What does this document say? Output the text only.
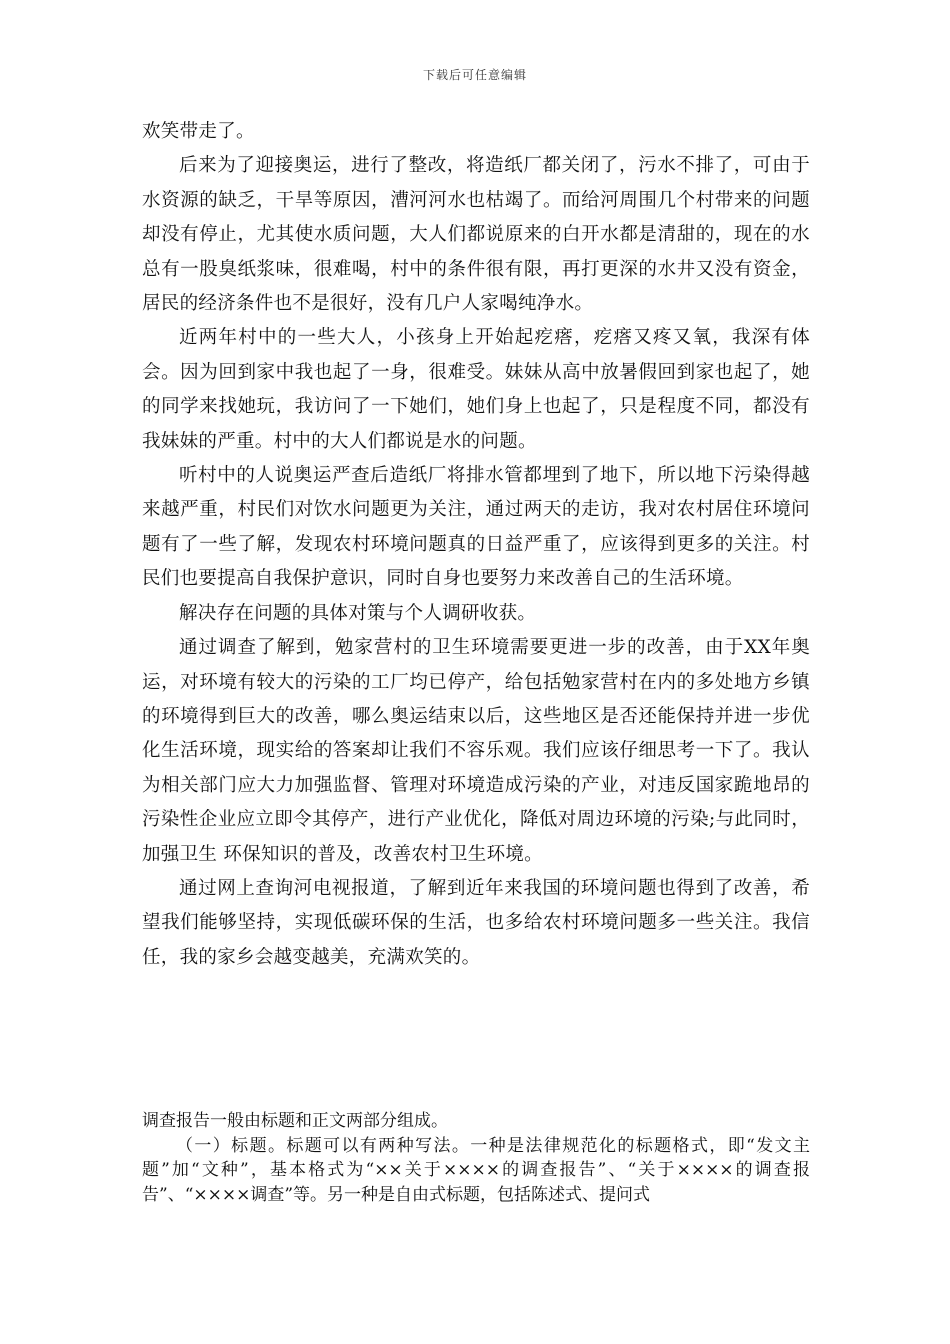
下载后可任意编辑

欢笑带走了。

后来为了迎接奥运，进行了整改，将造纸厂都关闭了，污水不排了，可由于水资源的缺乏，干旱等原因，漕河河水也枯竭了。而给河周围几个村带来的问题却没有停止，尤其使水质问题，大人们都说原来的白开水都是清甜的，现在的水总有一股臭纸浆味，很难喝，村中的条件很有限，再打更深的水井又没有资金，居民的经济条件也不是很好，没有几户人家喝纯净水。

近两年村中的一些大人，小孩身上开始起疙瘩，疙瘩又疼又氧，我深有体会。因为回到家中我也起了一身，很难受。妹妹从高中放暑假回到家也起了，她的同学来找她玩，我访问了一下她们，她们身上也起了，只是程度不同，都没有我妹妹的严重。村中的大人们都说是水的问题。

听村中的人说奥运严查后造纸厂将排水管都埋到了地下，所以地下污染得越来越严重，村民们对饮水问题更为关注，通过两天的走访，我对农村居住环境问题有了一些了解，发现农村环境问题真的日益严重了，应该得到更多的关注。村民们也要提高自我保护意识，同时自身也要努力来改善自己的生活环境。

解决存在问题的具体对策与个人调研收获。

通过调查了解到，勉家营村的卫生环境需要更进一步的改善，由于XX年奥运，对环境有较大的污染的工厂均已停产，给包括勉家营村在内的多处地方乡镇的环境得到巨大的改善，哪么奥运结束以后，这些地区是否还能保持并进一步优化生活环境，现实给的答案却让我们不容乐观。我们应该仔细思考一下了。我认为相关部门应大力加强监督、管理对环境造成污染的产业，对违反国家跪地昂的污染性企业应立即令其停产，进行产业优化，降低对周边环境的污染;与此同时，加强卫生 环保知识的普及，改善农村卫生环境。

通过网上查询河电视报道，了解到近年来我国的环境问题也得到了改善，希望我们能够坚持，实现低碳环保的生活，也多给农村环境问题多一些关注。我信任，我的家乡会越变越美，充满欢笑的。

调查报告一般由标题和正文两部分组成。

（一）标题。标题可以有两种写法。一种是法律规范化的标题格式，即“发文主题”加“文种”，基本格式为“××关于××××的调查报告”、“关于××××的调查报告”、“××××调查”等。另一种是自由式标题，包括陈述式、提问式
